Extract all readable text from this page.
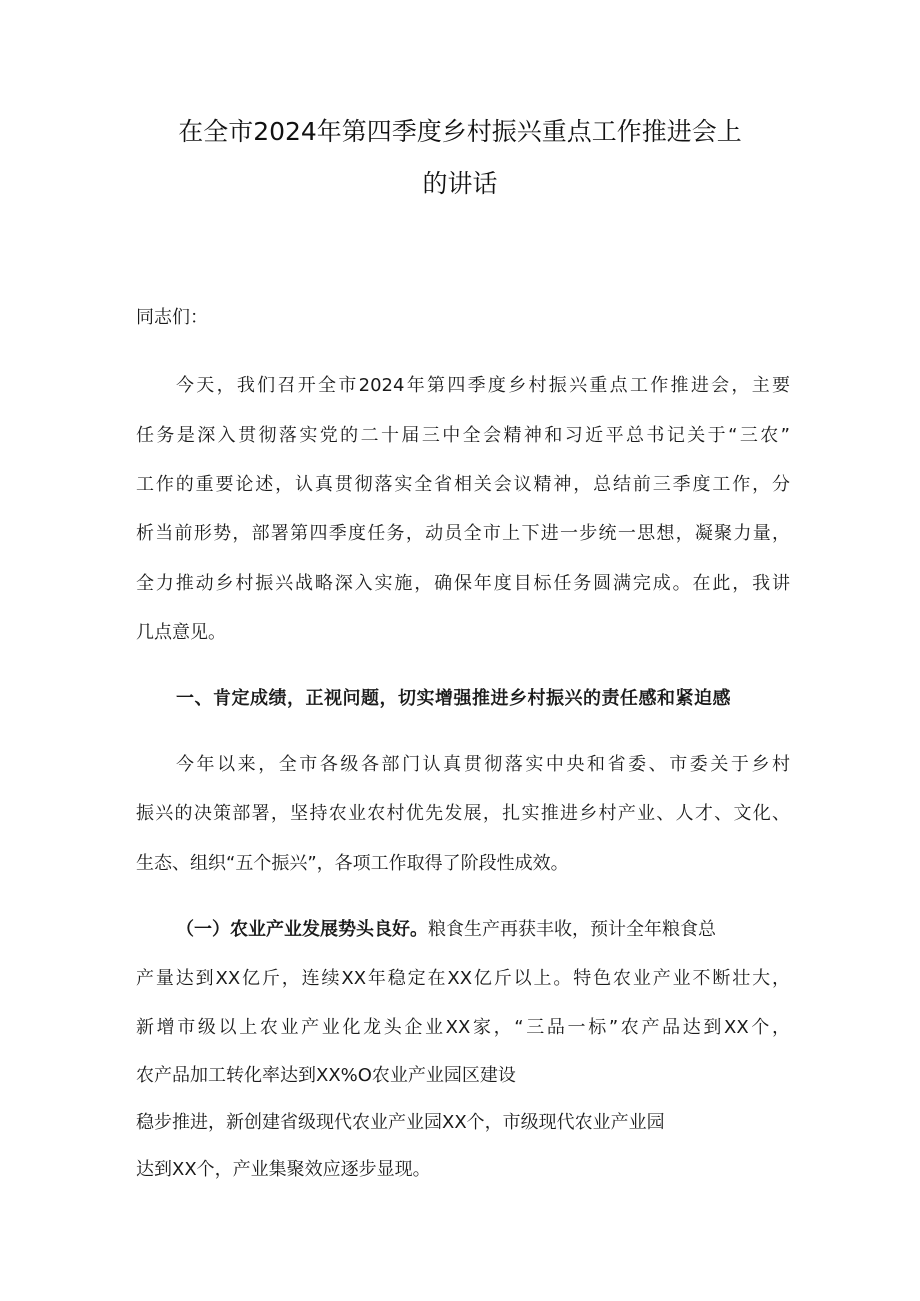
在全市2024年第四季度乡村振兴重点工作推进会上
的讲话
同志们：
今天，我们召开全市2024年第四季度乡村振兴重点工作推进会，主要
任务是深入贯彻落实党的二十届三中全会精神和习近平总书记关于“三农”
工作的重要论述，认真贯彻落实全省相关会议精神，总结前三季度工作，分
析当前形势，部署第四季度任务，动员全市上下进一步统一思想，凝聚力量，
全力推动乡村振兴战略深入实施，确保年度目标任务圆满完成。在此，我讲
几点意见。
一、肯定成绩，正视问题，切实增强推进乡村振兴的责任感和紧迫感
今年以来，全市各级各部门认真贯彻落实中央和省委、市委关于乡村
振兴的决策部署，坚持农业农村优先发展，扎实推进乡村产业、人才、文化、
生态、组织“五个振兴”，各项工作取得了阶段性成效。
（一）农业产业发展势头良好。粮食生产再获丰收，预计全年粮食总
产量达到XX亿斤，连续XX年稳定在XX亿斤以上。特色农业产业不断壮大，
新增市级以上农业产业化龙头企业XX家，“三品一标”农产品达到XX个，
农产品加工转化率达到XX%O农业产业园区建设
稳步推进，新创建省级现代农业产业园XX个，市级现代农业产业园
达到XX个，产业集聚效应逐步显现。
